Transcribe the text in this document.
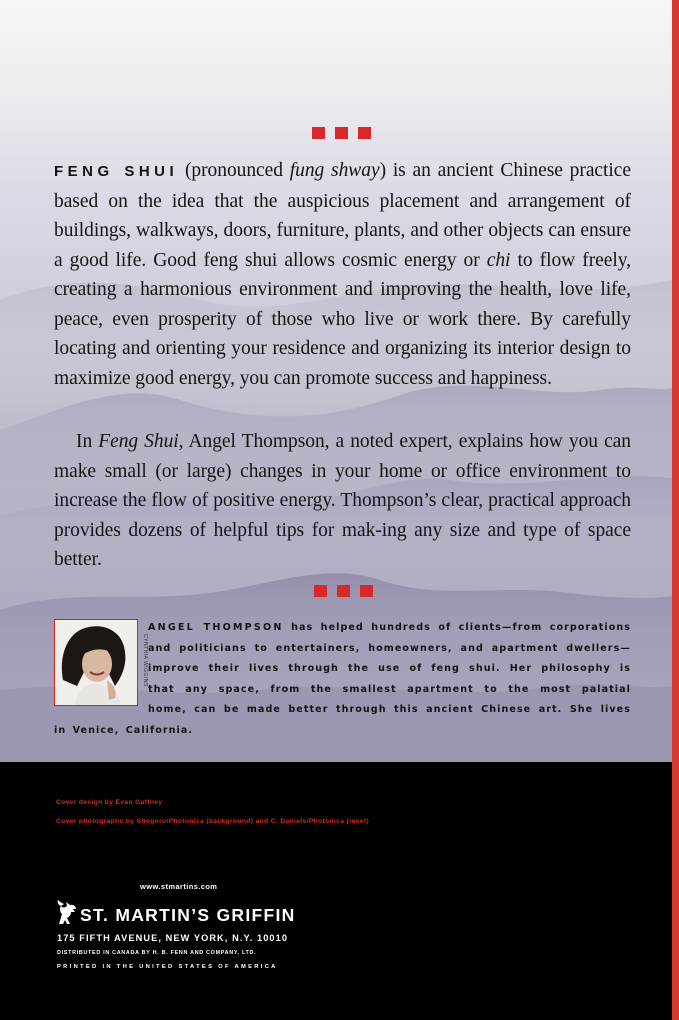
FENG SHUI (pronounced fung shway) is an ancient Chinese practice based on the idea that the auspicious placement and arrangement of buildings, walkways, doors, furniture, plants, and other objects can ensure a good life. Good feng shui allows cosmic energy or chi to flow freely, creating a harmonious environment and improving the health, love life, peace, even prosperity of those who live or work there. By carefully locating and orienting your residence and organizing its interior design to maximize good energy, you can promote success and happiness.

In Feng Shui, Angel Thompson, a noted expert, explains how you can make small (or large) changes in your home or office environment to increase the flow of positive energy. Thompson’s clear, practical approach provides dozens of helpful tips for mak-ing any size and type of space better.

ANGEL THOMPSON has helped hundreds of clients—from corporations and politicians to entertainers, homeowners, and apartment dwellers—improve their lives through the use of feng shui. Her philosophy is that any space, from the smallest apartment to the most palatial home, can be made better through this ancient Chinese art. She lives in Venice, California.

CYNTHIA WIGGINS

Cover design by Evan Gaffney

Cover photographs by Shogoro/Photonica (background) and C. Daniels/Photonica (inset)

www.stmartins.com

ST. MARTIN’S GRIFFIN

175 FIFTH AVENUE, NEW YORK, N.Y. 10010

DISTRIBUTED IN CANADA BY H. B. FENN AND COMPANY, LTD.

PRINTED IN THE UNITED STATES OF AMERICA
